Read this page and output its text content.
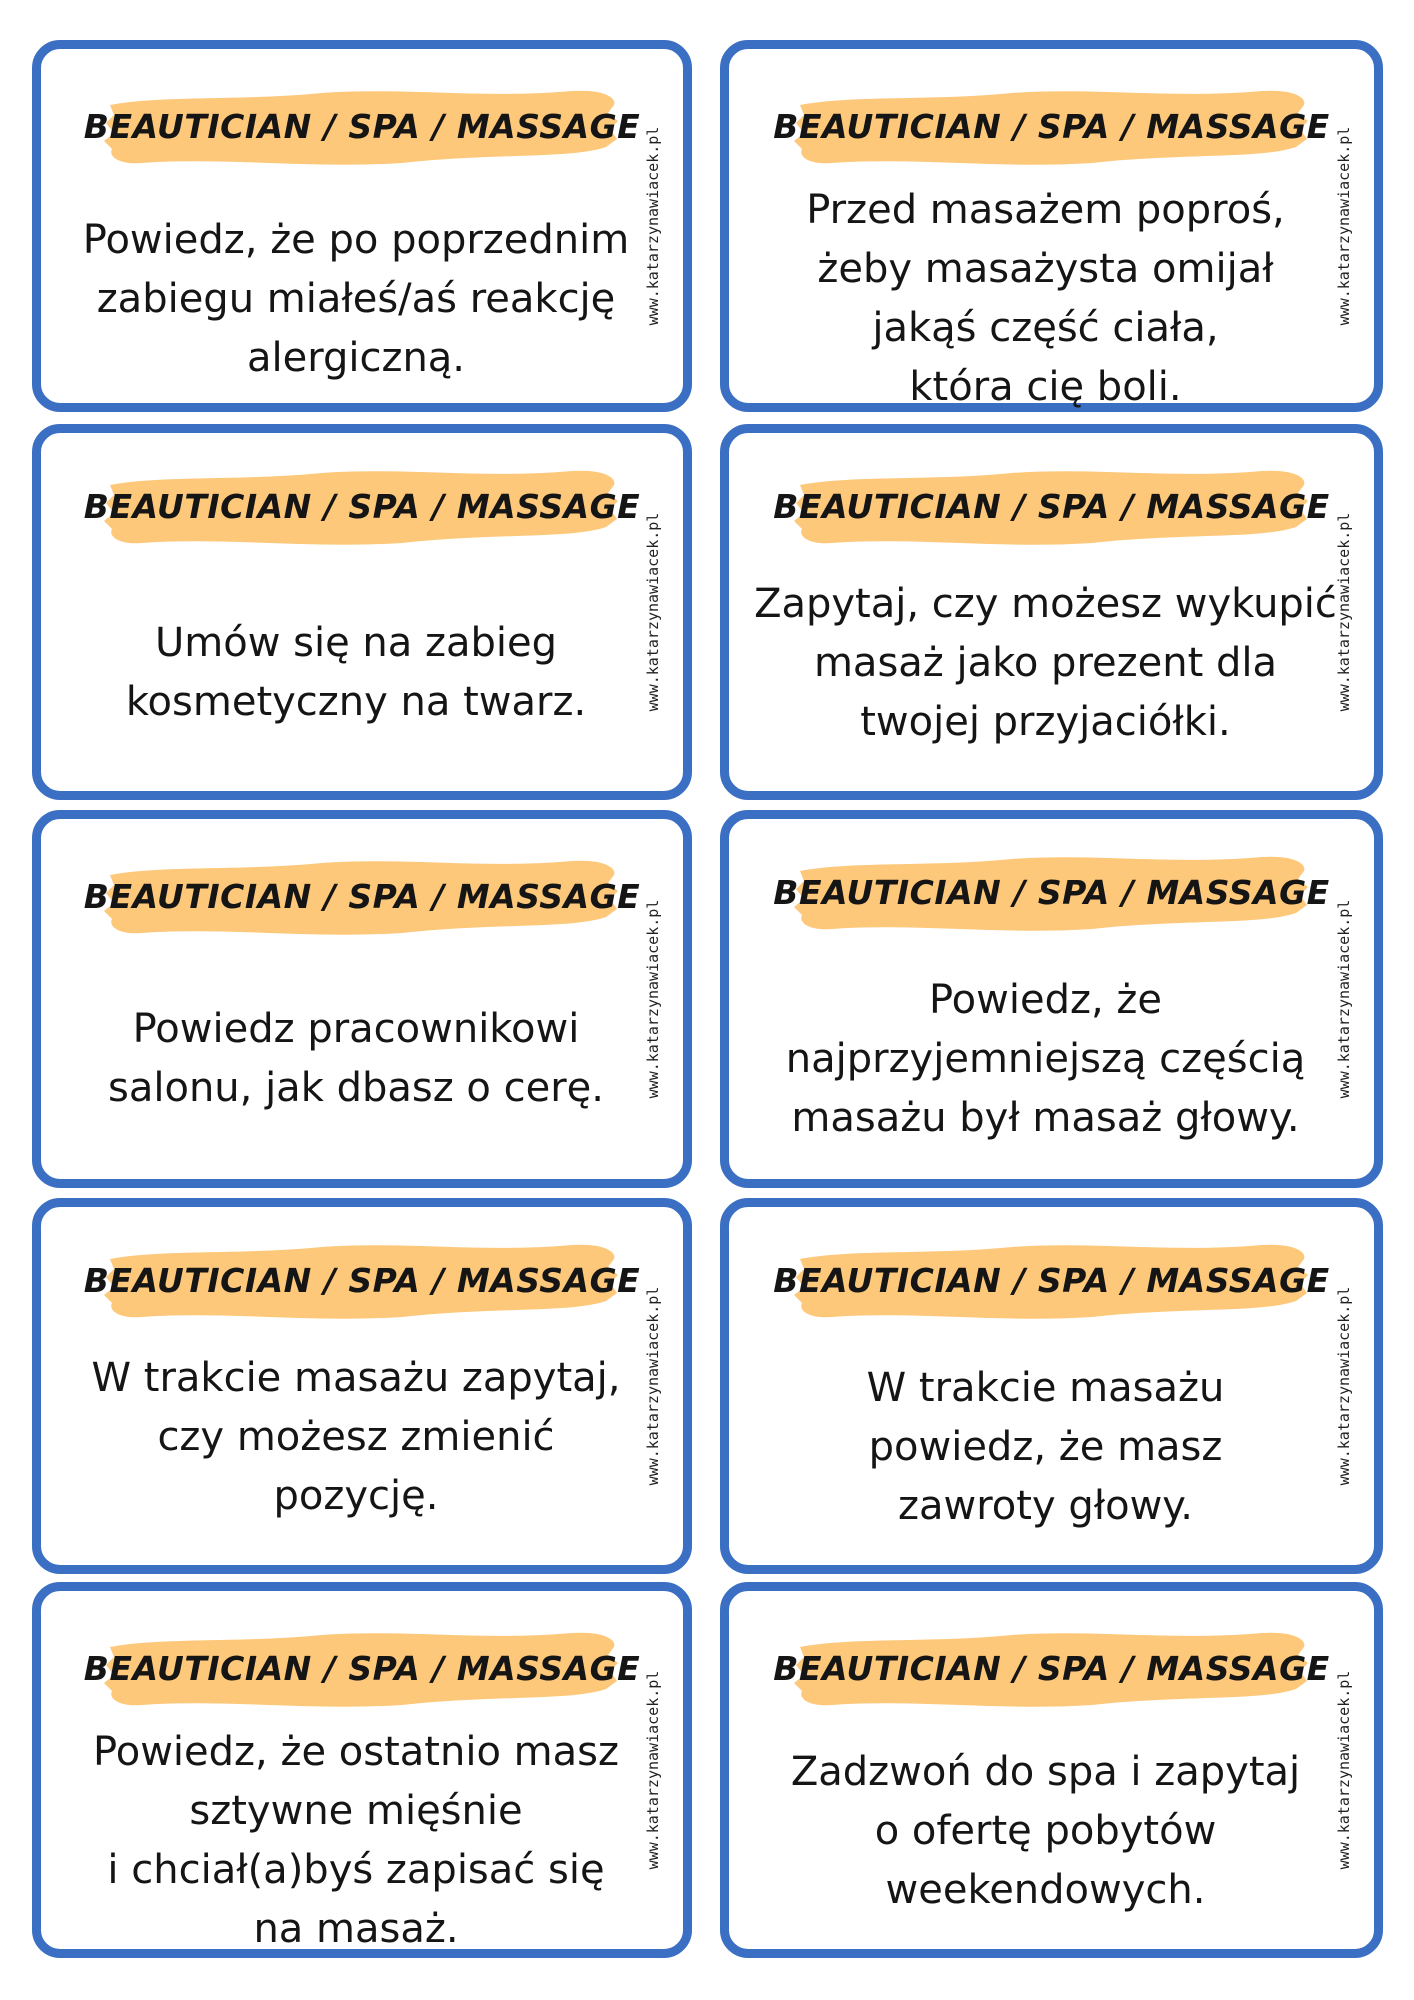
BEAUTICIAN / SPA / MASSAGE
Powiedz, że po poprzednim
zabiegu miałeś/aś reakcję
alergiczną.
www.katarzynawiacek.pl
BEAUTICIAN / SPA / MASSAGE
Przed masażem poproś,
żeby masażysta omijał
jakąś część ciała,
która cię boli.
www.katarzynawiacek.pl
BEAUTICIAN / SPA / MASSAGE
Umów się na zabieg
kosmetyczny na twarz.	www.katarzynawiacek.pl
BEAUTICIAN / SPA / MASSAGE
Zapytaj, czy możesz wykupić
masaż jako prezent dla
twojej przyjaciółki.
www.katarzynawiacek.pl
BEAUTICIAN / SPA / MASSAGE
Powiedz pracownikowi
salonu, jak dbasz o cerę.	www.katarzynawiacek.pl
BEAUTICIAN / SPA / MASSAGE
Powiedz, że
najprzyjemniejszą częścią
masażu był masaż głowy.
www.katarzynawiacek.pl
BEAUTICIAN / SPA / MASSAGE
W trakcie masażu zapytaj,
czy możesz zmienić
pozycję.
www.katarzynawiacek.pl
BEAUTICIAN / SPA / MASSAGE
W trakcie masażu
powiedz, że masz
zawroty głowy.
www.katarzynawiacek.pl
BEAUTICIAN / SPA / MASSAGE
Powiedz, że ostatnio masz
sztywne mięśnie
i chciał(a)byś zapisać się
na masaż.
www.katarzynawiacek.pl
BEAUTICIAN / SPA / MASSAGE
Zadzwoń do spa i zapytaj
o ofertę pobytów
weekendowych.
www.katarzynawiacek.pl
